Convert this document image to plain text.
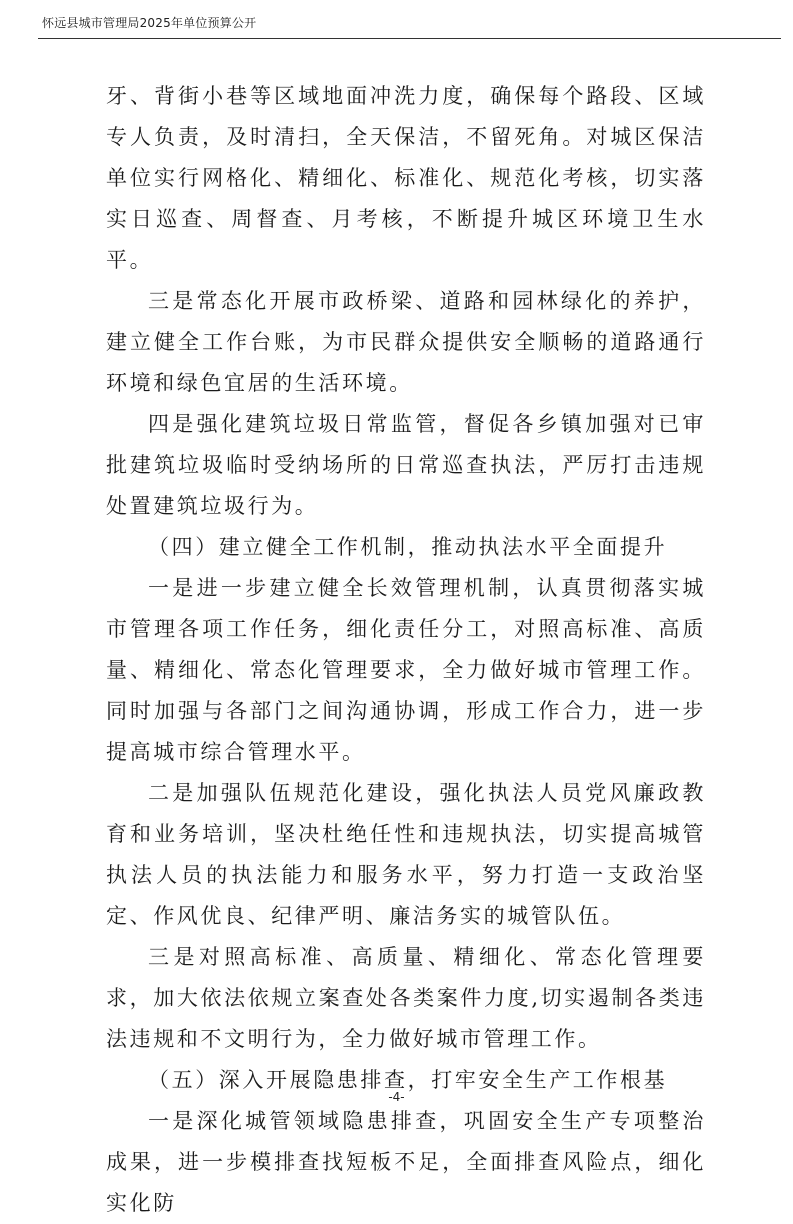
怀远县城市管理局2025年单位预算公开

牙、背街小巷等区域地面冲洗力度，确保每个路段、区域专人负责，及时清扫，全天保洁，不留死角。对城区保洁单位实行网格化、精细化、标准化、规范化考核，切实落实日巡查、周督查、月考核，不断提升城区环境卫生水平。

三是常态化开展市政桥梁、道路和园林绿化的养护，建立健全工作台账，为市民群众提供安全顺畅的道路通行环境和绿色宜居的生活环境。

四是强化建筑垃圾日常监管，督促各乡镇加强对已审批建筑垃圾临时受纳场所的日常巡查执法，严厉打击违规处置建筑垃圾行为。

（四）建立健全工作机制，推动执法水平全面提升

一是进一步建立健全长效管理机制，认真贯彻落实城市管理各项工作任务，细化责任分工，对照高标准、高质量、精细化、常态化管理要求，全力做好城市管理工作。同时加强与各部门之间沟通协调，形成工作合力，进一步提高城市综合管理水平。

二是加强队伍规范化建设，强化执法人员党风廉政教育和业务培训，坚决杜绝任性和违规执法，切实提高城管执法人员的执法能力和服务水平，努力打造一支政治坚定、作风优良、纪律严明、廉洁务实的城管队伍。

三是对照高标准、高质量、精细化、常态化管理要求，加大依法依规立案查处各类案件力度,切实遏制各类违法违规和不文明行为，全力做好城市管理工作。

（五）深入开展隐患排查，打牢安全生产工作根基

一是深化城管领域隐患排查，巩固安全生产专项整治成果，进一步模排查找短板不足，全面排查风险点，细化实化防

-4-
